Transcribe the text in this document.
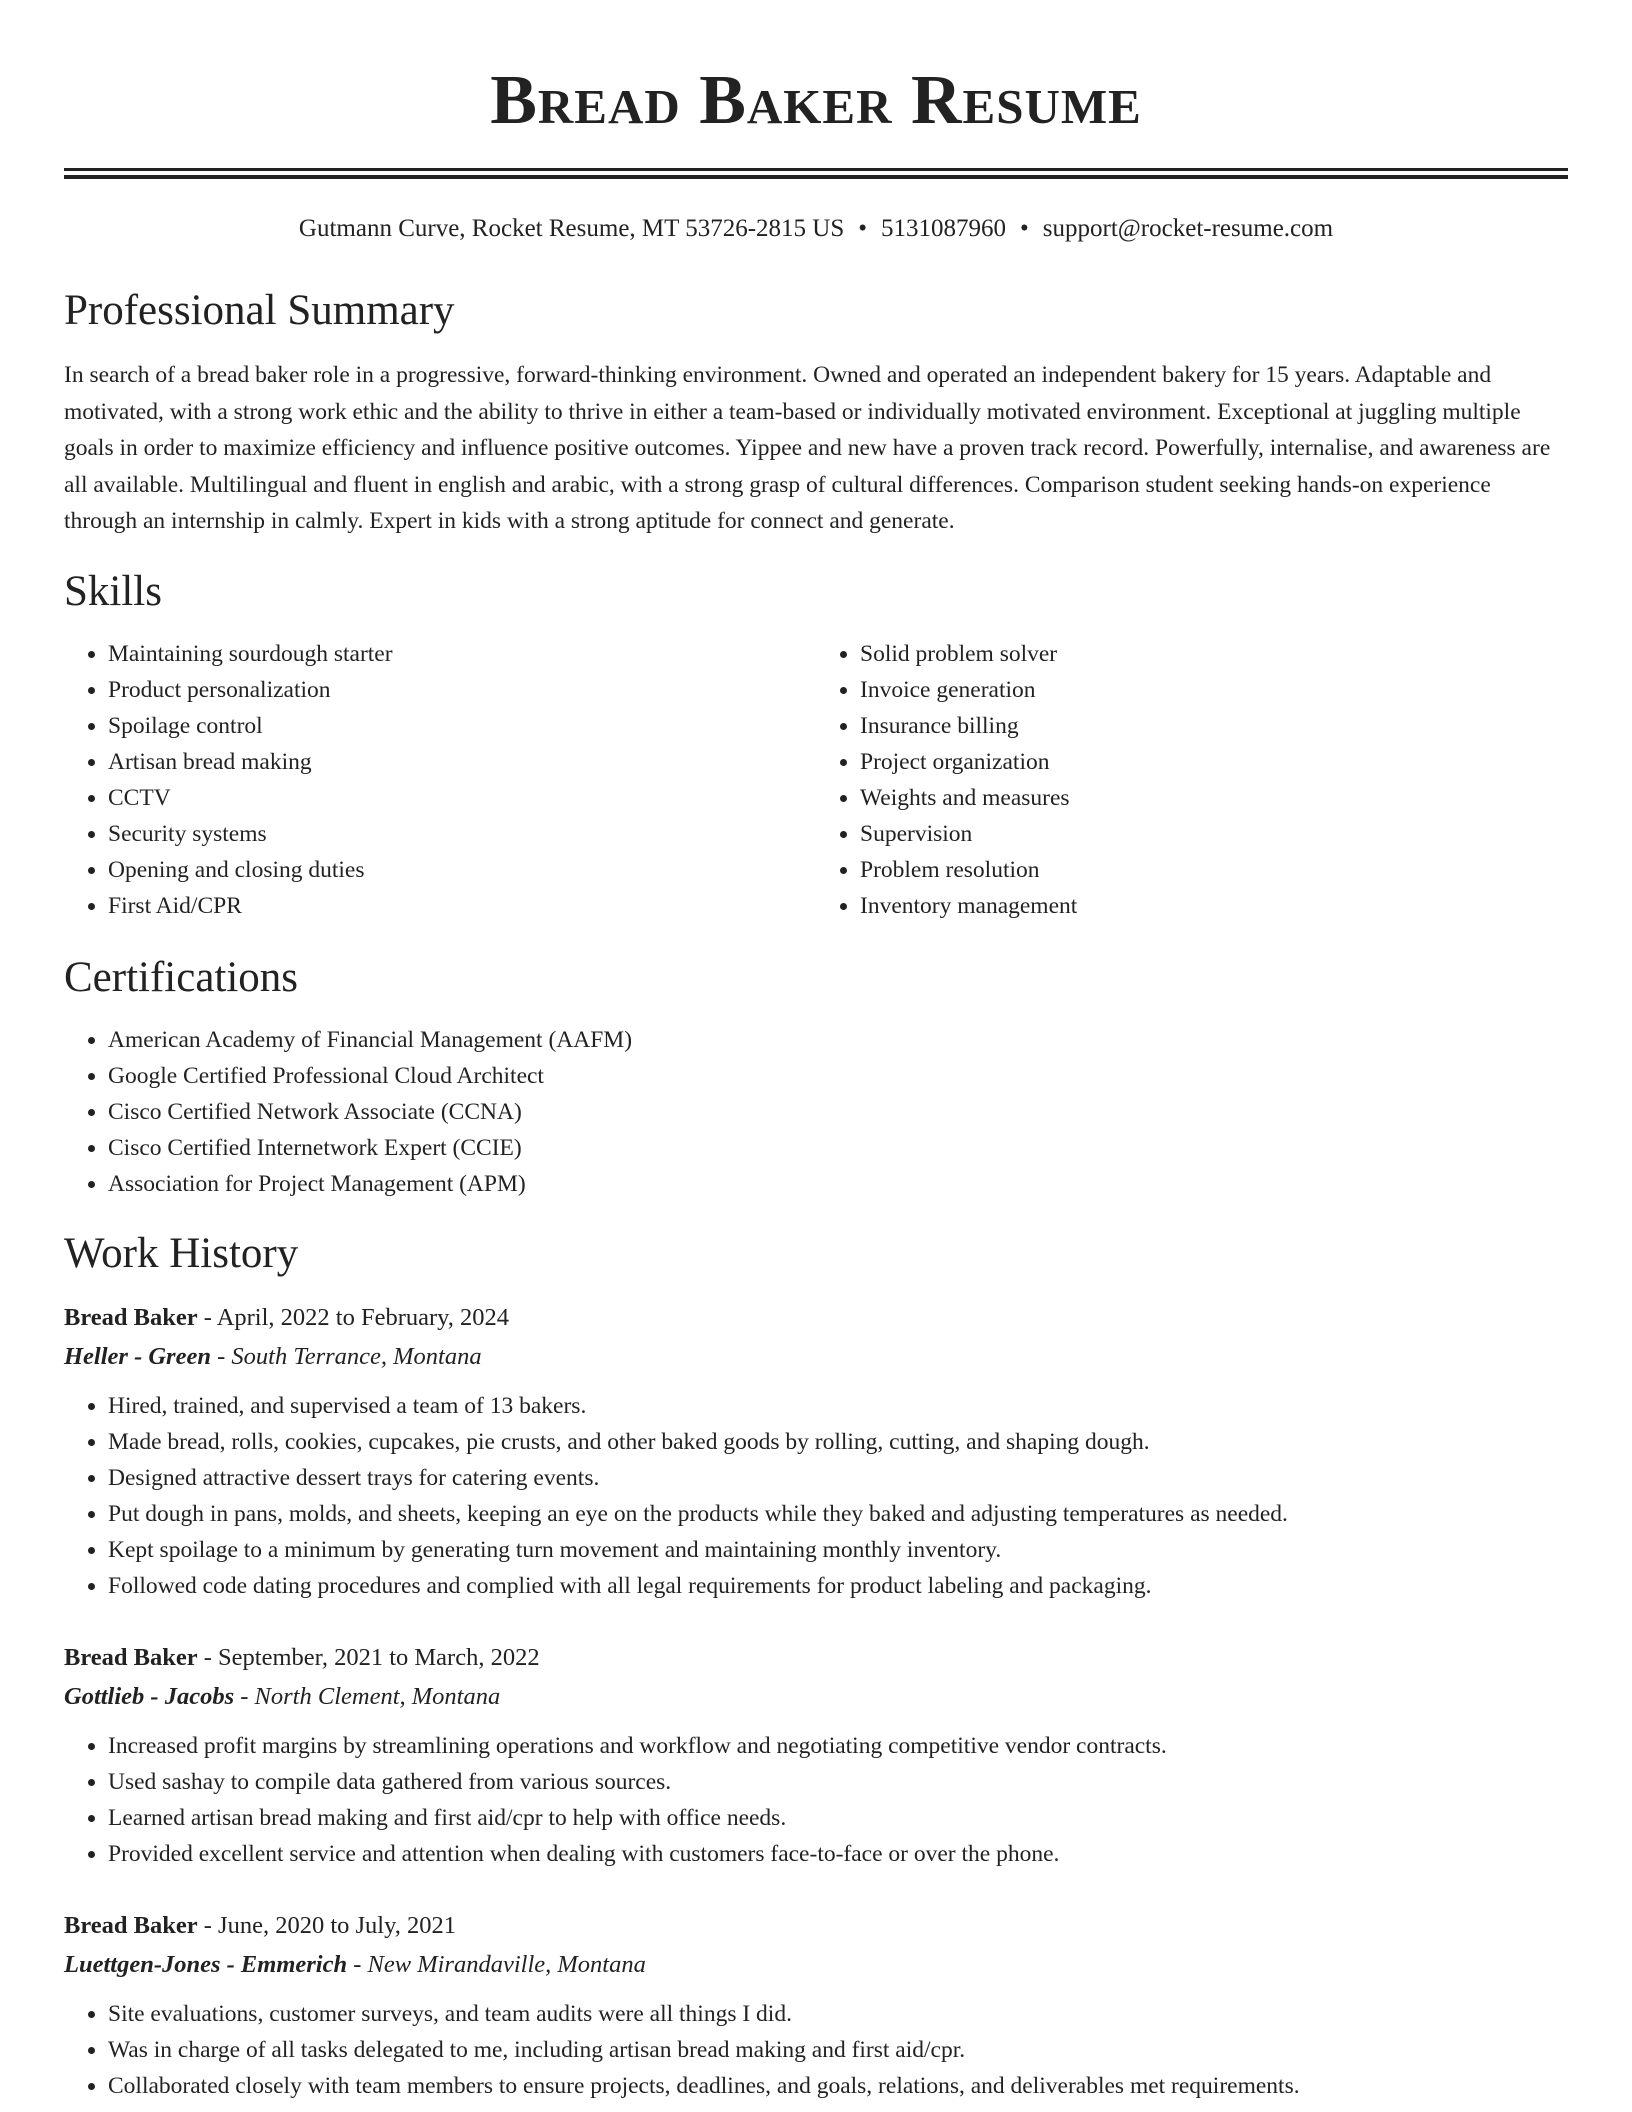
Bread Baker Resume
Gutmann Curve, Rocket Resume, MT 53726-2815 US • 5131087960 • support@rocket-resume.com
Professional Summary

In search of a bread baker role in a progressive, forward-thinking environment. Owned and operated an independent bakery for 15 years. Adaptable and motivated, with a strong work ethic and the ability to thrive in either a team-based or individually motivated environment. Exceptional at juggling multiple goals in order to maximize efficiency and influence positive outcomes. Yippee and new have a proven track record. Powerfully, internalise, and awareness are all available. Multilingual and fluent in english and arabic, with a strong grasp of cultural differences. Comparison student seeking hands-on experience through an internship in calmly. Expert in kids with a strong aptitude for connect and generate.

Skills
• Maintaining sourdough starter
• Product personalization
• Spoilage control
• Artisan bread making
• CCTV
• Security systems
• Opening and closing duties
• First Aid/CPR
• Solid problem solver
• Invoice generation
• Insurance billing
• Project organization
• Weights and measures
• Supervision
• Problem resolution
• Inventory management
Certifications
• American Academy of Financial Management (AAFM)
• Google Certified Professional Cloud Architect
• Cisco Certified Network Associate (CCNA)
• Cisco Certified Internetwork Expert (CCIE)
• Association for Project Management (APM)
Work History
Bread Baker - April, 2022 to February, 2024
Heller - Green - South Terrance, Montana
• Hired, trained, and supervised a team of 13 bakers.
• Made bread, rolls, cookies, cupcakes, pie crusts, and other baked goods by rolling, cutting, and shaping dough.
• Designed attractive dessert trays for catering events.
• Put dough in pans, molds, and sheets, keeping an eye on the products while they baked and adjusting temperatures as needed.
• Kept spoilage to a minimum by generating turn movement and maintaining monthly inventory.
• Followed code dating procedures and complied with all legal requirements for product labeling and packaging.
Bread Baker - September, 2021 to March, 2022
Gottlieb - Jacobs - North Clement, Montana
• Increased profit margins by streamlining operations and workflow and negotiating competitive vendor contracts.
• Used sashay to compile data gathered from various sources.
• Learned artisan bread making and first aid/cpr to help with office needs.
• Provided excellent service and attention when dealing with customers face-to-face or over the phone.
Bread Baker - June, 2020 to July, 2021
Luettgen-Jones - Emmerich - New Mirandaville, Montana
• Site evaluations, customer surveys, and team audits were all things I did.
• Was in charge of all tasks delegated to me, including artisan bread making and first aid/cpr.
• Collaborated closely with team members to ensure projects, deadlines, and goals, relations, and deliverables met requirements.
